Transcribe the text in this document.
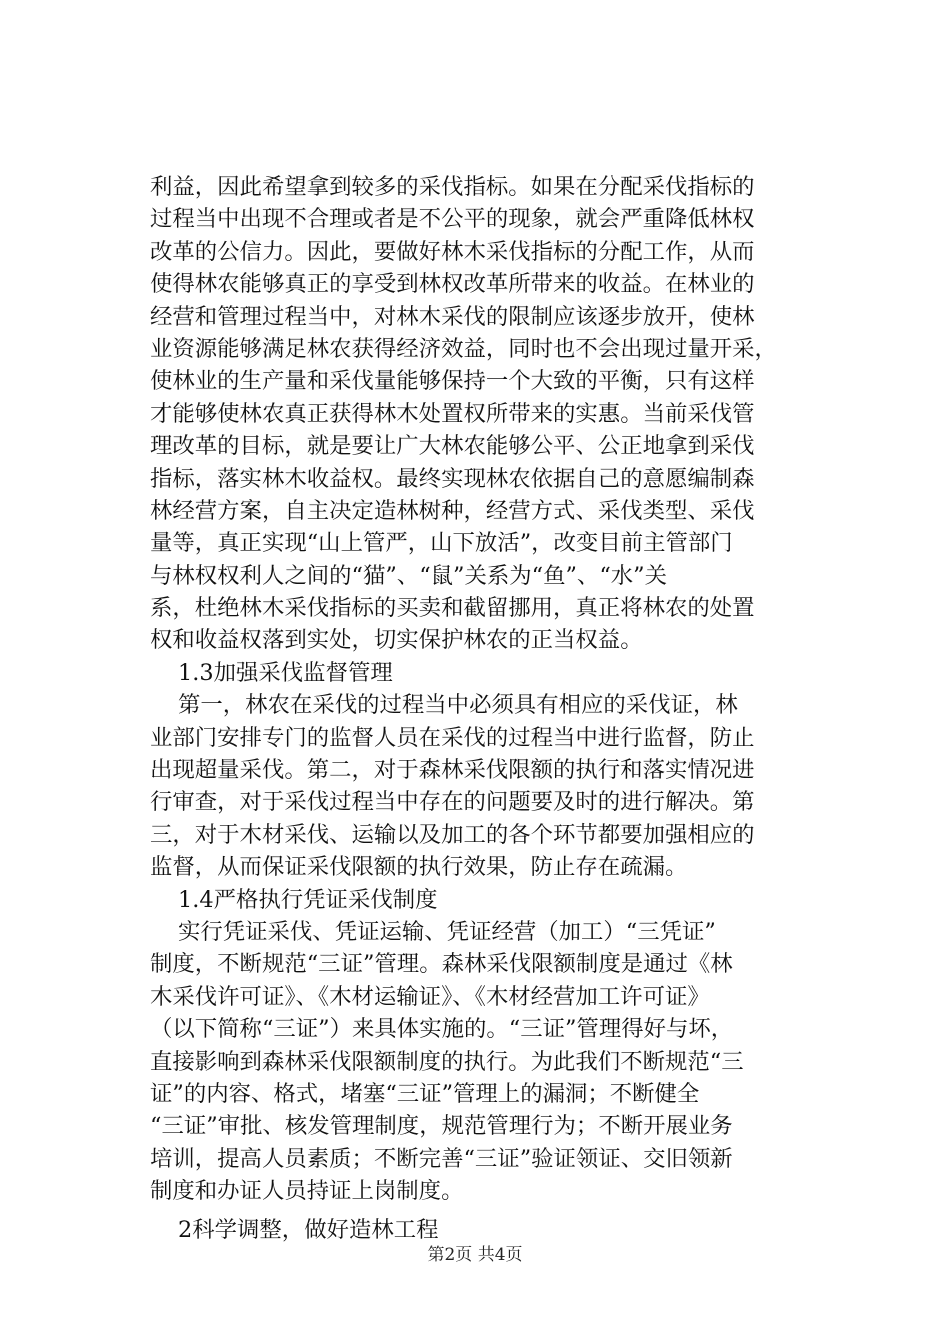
利益，因此希望拿到较多的采伐指标。如果在分配采伐指标的
过程当中出现不合理或者是不公平的现象，就会严重降低林权
改革的公信力。因此，要做好林木采伐指标的分配工作，从而
使得林农能够真正的享受到林权改革所带来的收益。在林业的
经营和管理过程当中，对林木采伐的限制应该逐步放开，使林
业资源能够满足林农获得经济效益，同时也不会出现过量开采，
使林业的生产量和采伐量能够保持一个大致的平衡，只有这样
才能够使林农真正获得林木处置权所带来的实惠。当前采伐管
理改革的目标，就是要让广大林农能够公平、公正地拿到采伐
指标，落实林木收益权。最终实现林农依据自己的意愿编制森
林经营方案，自主决定造林树种，经营方式、采伐类型、采伐
量等，真正实现“山上管严，山下放活”，改变目前主管部门
与林权权利人之间的“猫”、“鼠”关系为“鱼”、“水”关
系，杜绝林木采伐指标的买卖和截留挪用，真正将林农的处置
权和收益权落到实处，切实保护林农的正当权益。
1.3加强采伐监督管理
第一，林农在采伐的过程当中必须具有相应的采伐证，林
业部门安排专门的监督人员在采伐的过程当中进行监督，防止
出现超量采伐。第二，对于森林采伐限额的执行和落实情况进
行审查，对于采伐过程当中存在的问题要及时的进行解决。第
三，对于木材采伐、运输以及加工的各个环节都要加强相应的
监督，从而保证采伐限额的执行效果，防止存在疏漏。
1.4严格执行凭证采伐制度
实行凭证采伐、凭证运输、凭证经营（加工）“三凭证”
制度，不断规范“三证”管理。森林采伐限额制度是通过《林
木采伐许可证》、《木材运输证》、《木材经营加工许可证》
（以下简称“三证”）来具体实施的。“三证”管理得好与坏，
直接影响到森林采伐限额制度的执行。为此我们不断规范“三
证”的内容、格式，堵塞“三证”管理上的漏洞；不断健全
“三证”审批、核发管理制度，规范管理行为；不断开展业务
培训，提高人员素质；不断完善“三证”验证领证、交旧领新
制度和办证人员持证上岗制度。
2科学调整，做好造林工程
第2页 共4页
